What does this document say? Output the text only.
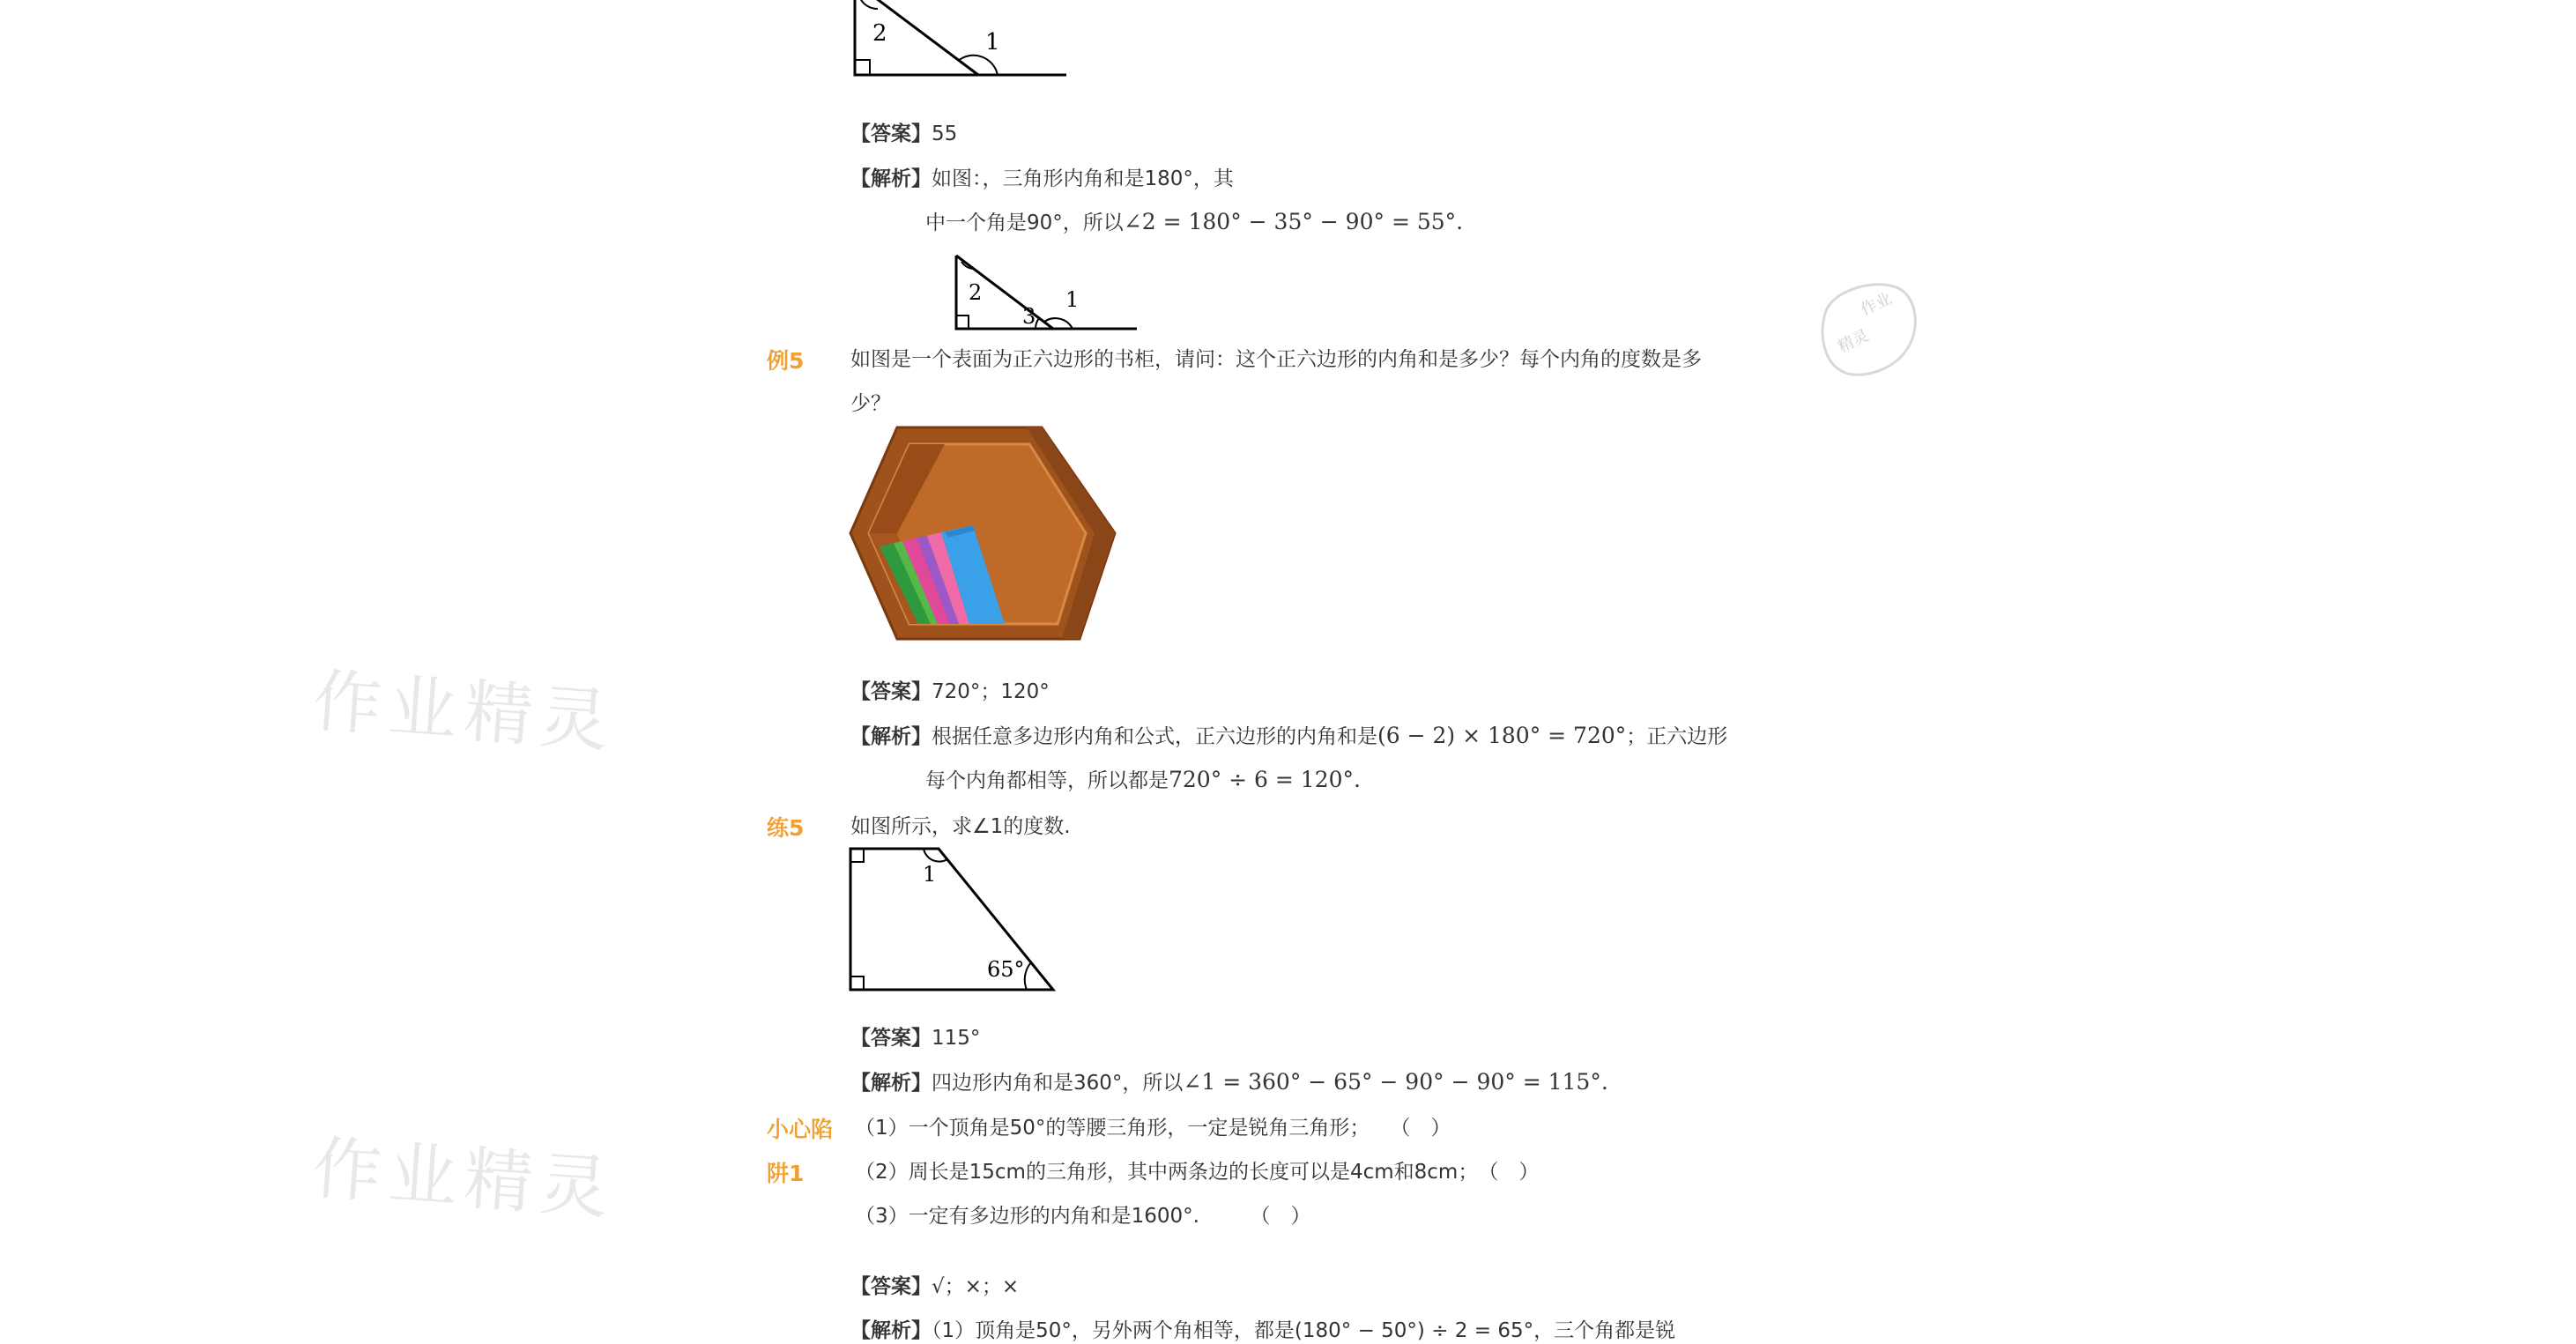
2	1
【答案】55
【解析】如图：，三角形内角和是180°，其
中一个角是90°，所以∠2 = 180° − 35° − 90° = 55°.
2
3
1
例5 如图是一个表面为正六边形的书柜，请问：这个正六边形的内角和是多少？每个内角的度数是多
少？
【答案】720°；120°
【解析】根据任意多边形内角和公式，正六边形的内角和是(6 − 2) × 180° = 720°；正六边形
每个内角都相等，所以都是720° ÷ 6 = 120°.
练5 如图所示，求∠1的度数.
1
65°
【答案】115°
【解析】四边形内角和是360°，所以∠1 = 360° − 65° − 90° − 90° = 115°.
小心陷
阱1
（1）一个顶角是50°的等腰三角形，一定是锐角三角形；　　（　）
（2）周长是15cm的三角形，其中两条边的长度可以是4cm和8cm；　（　）
（3）一定有多边形的内角和是1600°.　　　（　）
【答案】√；×；×
【解析】（1）顶角是50°，另外两个角相等，都是(180° − 50°) ÷ 2 = 65°，三个角都是锐
作业精灵
作业精灵
作业
精灵
